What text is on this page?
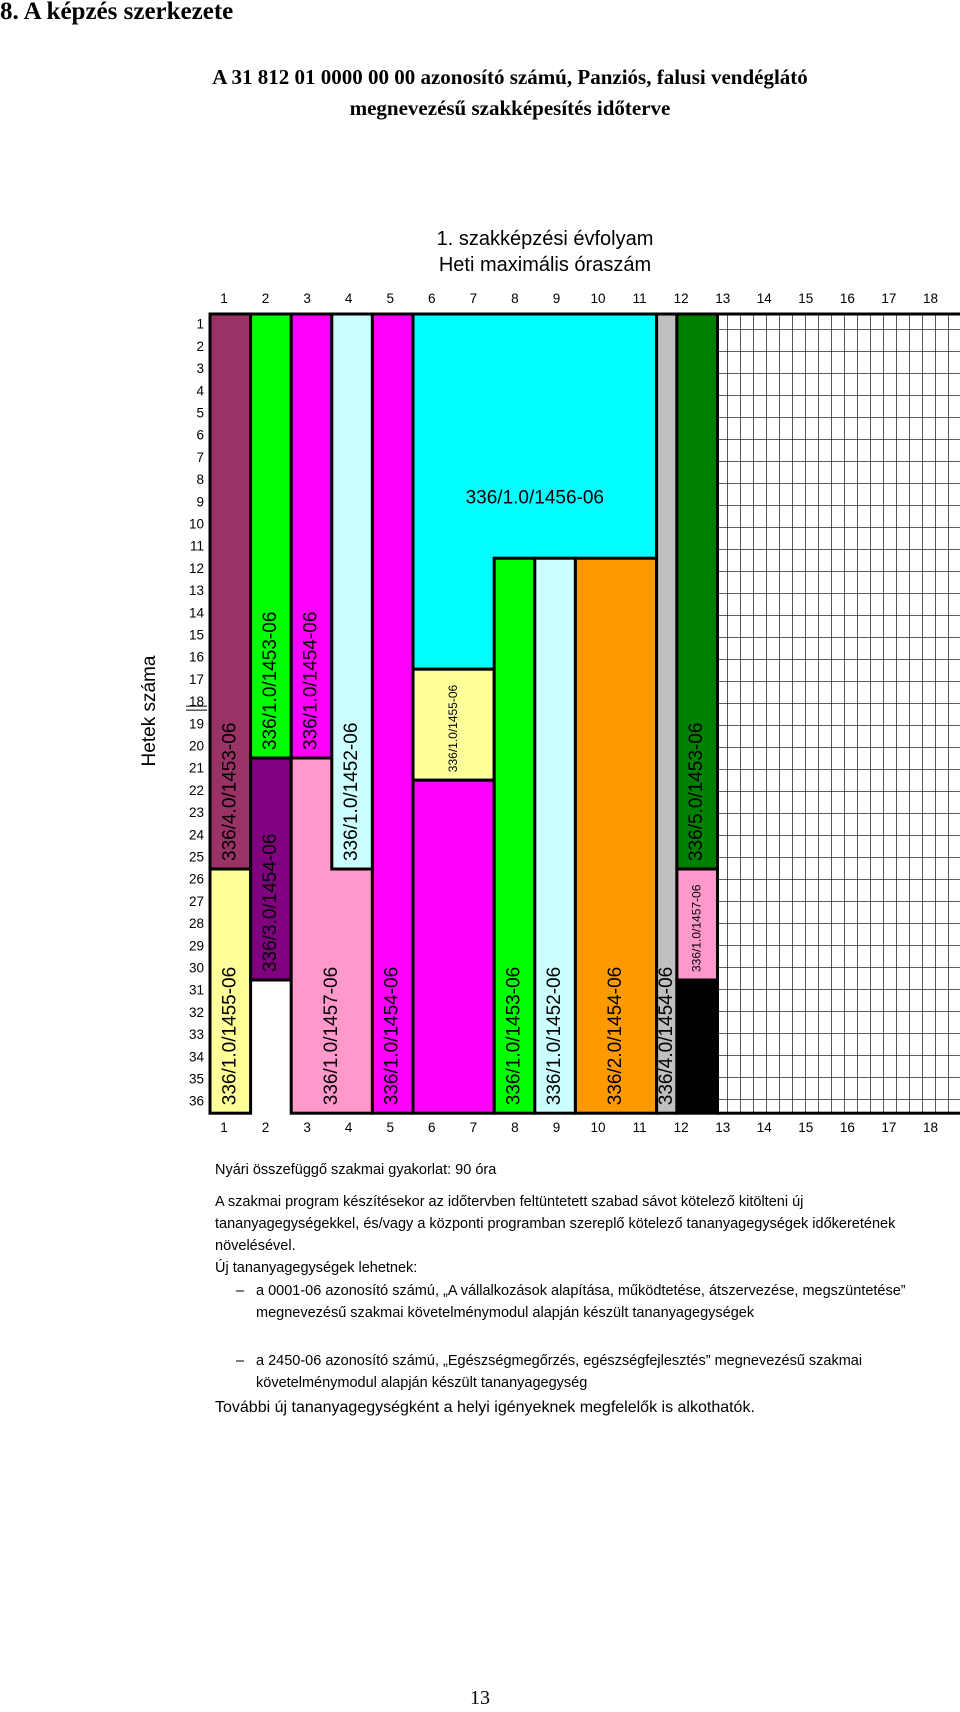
8. A képzés szerkezete
A 31 812 01 0000 00 00 azonosító számú, Panziós, falusi vendéglátó
megnevezésű szakképesítés időterve
1. szakképzési évfolyam
Heti maximális óraszám
Hetek száma
336/4.0/1453-06
336/1.0/1455-06
336/1.0/1453-06
336/3.0/1454-06
336/1.0/1454-06
336/1.0/1457-06
336/1.0/1452-06
336/1.0/1454-06
336/1.0/1456-06
336/1.0/1455-06
336/1.0/1453-06 336/1.0/1452-06 336/2.0/1454-06 336/4.0/1454-06
336/5.0/1453-06
336/1.0/1457-06
336/2.0/1457-06
1
2
3
4
5
6
7
8
9
10
11
12
13
14
15
16
17
18
19
20
21
22
23
24
25
26
27
28
29
30
31
32
33
34
35
36
1	2	3	4	5	6	7	8	9 10 11 12 13 14 15 16 17 18
1	2	3	4	5	6	7	8	9 10 11 12 13 14 15 16 17 18
Nyári összefüggő szakmai gyakorlat: 90 óra
A szakmai program készítésekor az időtervben feltüntetett szabad sávot kötelező kitölteni új tananyagegységekkel, és/vagy a központi programban szereplő kötelező tananyagegységek időkeretének növelésével.
Új tananyagegységek lehetnek:
– a 0001-06 azonosító számú, „A vállalkozások alapítása, működtetése, átszervezése, megszüntetése” megnevezésű szakmai követelménymodul alapján készült tananyagegységek
– a 2450-06 azonosító számú, „Egészségmegőrzés, egészségfejlesztés” megnevezésű szakmai követelménymodul alapján készült tananyagegység
További új tananyagegységként a helyi igényeknek megfelelők is alkothatók.
13
